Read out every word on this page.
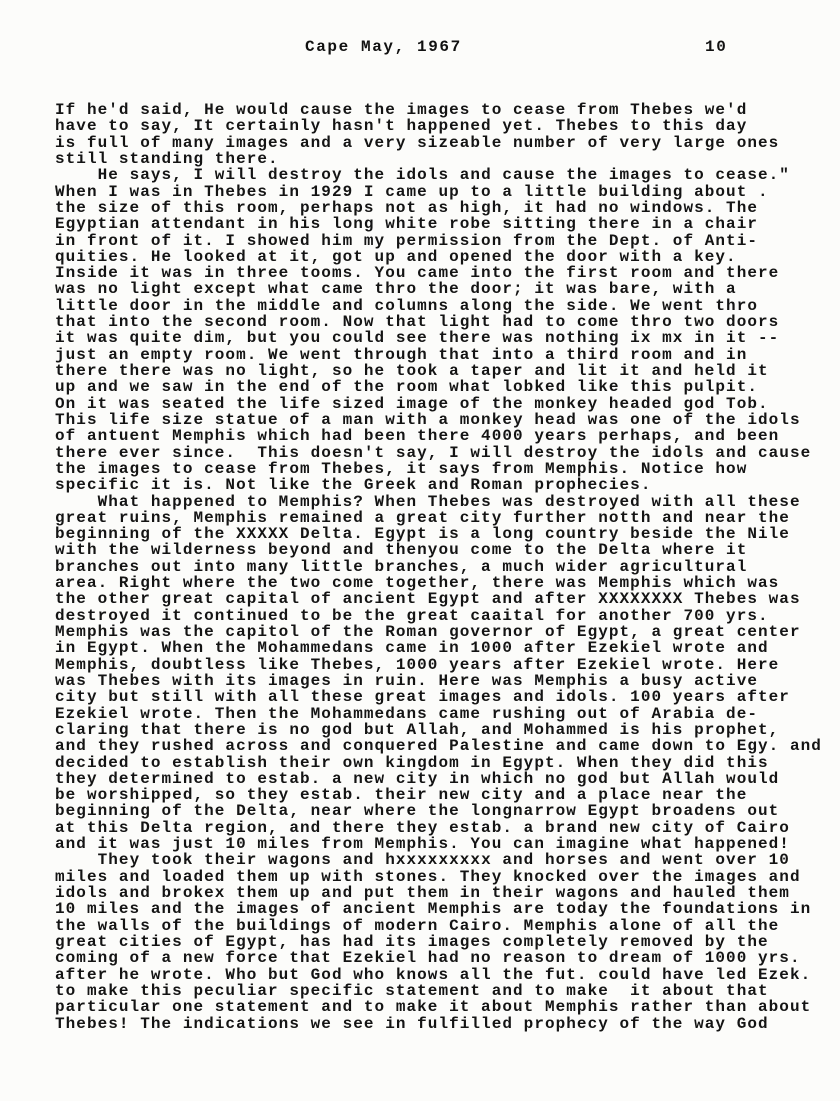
Cape May, 1967	10
If he'd said, He would cause the images to cease from Thebes we'd
have to say, It certainly hasn't happened yet. Thebes to this day
is full of many images and a very sizeable number of very large ones
still standing there.
He says, I will destroy the idols and cause the images to cease."
When I was in Thebes in 1929 I came up to a little building about .
the size of this room, perhaps not as high, it had no windows. The
Egyptian attendant in his long white robe sitting there in a chair
in front of it. I showed him my permission from the Dept. of Anti-
quities. He looked at it, got up and opened the door with a key.
Inside it was in three tooms. You came into the first room and there
was no light except what came thro the door; it was bare, with a
little door in the middle and columns along the side. We went thro
that into the second room. Now that light had to come thro two doors
it was quite dim, but you could see there was nothing ix mx in it --
just an empty room. We went through that into a third room and in
there there was no light, so he took a taper and lit it and held it
up and we saw in the end of the room what lobked like this pulpit.
On it was seated the life sized image of the monkey headed god Tob.
This life size statue of a man with a monkey head was one of the idols
of antuent Memphis which had been there 4000 years perhaps, and been
there ever since.  This doesn't say, I will destroy the idols and cause
the images to cease from Thebes, it says from Memphis. Notice how
specific it is. Not like the Greek and Roman prophecies.
What happened to Memphis? When Thebes was destroyed with all these
great ruins, Memphis remained a great city further notth and near the
beginning of the XXXXX Delta. Egypt is a long country beside the Nile
with the wilderness beyond and thenyou come to the Delta where it
branches out into many little branches, a much wider agricultural
area. Right where the two come together, there was Memphis which was
the other great capital of ancient Egypt and after XXXXXXXX Thebes was
destroyed it continued to be the great caaital for another 700 yrs.
Memphis was the capitol of the Roman governor of Egypt, a great center
in Egypt. When the Mohammedans came in 1000 after Ezekiel wrote and
Memphis, doubtless like Thebes, 1000 years after Ezekiel wrote. Here
was Thebes with its images in ruin. Here was Memphis a busy active
city but still with all these great images and idols. 100 years after
Ezekiel wrote. Then the Mohammedans came rushing out of Arabia de-
claring that there is no god but Allah, and Mohammed is his prophet,
and they rushed across and conquered Palestine and came down to Egy. and
decided to establish their own kingdom in Egypt. When they did this
they determined to estab. a new city in which no god but Allah would
be worshipped, so they estab. their new city and a place near the
beginning of the Delta, near where the longnarrow Egypt broadens out
at this Delta region, and there they estab. a brand new city of Cairo
and it was just 10 miles from Memphis. You can imagine what happened!
They took their wagons and hxxxxxxxxx and horses and went over 10
miles and loaded them up with stones. They knocked over the images and
idols and brokex them up and put them in their wagons and hauled them
10 miles and the images of ancient Memphis are today the foundations in
the walls of the buildings of modern Cairo. Memphis alone of all the
great cities of Egypt, has had its images completely removed by the
coming of a new force that Ezekiel had no reason to dream of 1000 yrs.
after he wrote. Who but God who knows all the fut. could have led Ezek.
to make this peculiar specific statement and to make  it about that
particular one statement and to make it about Memphis rather than about
Thebes! The indications we see in fulfilled prophecy of the way God
